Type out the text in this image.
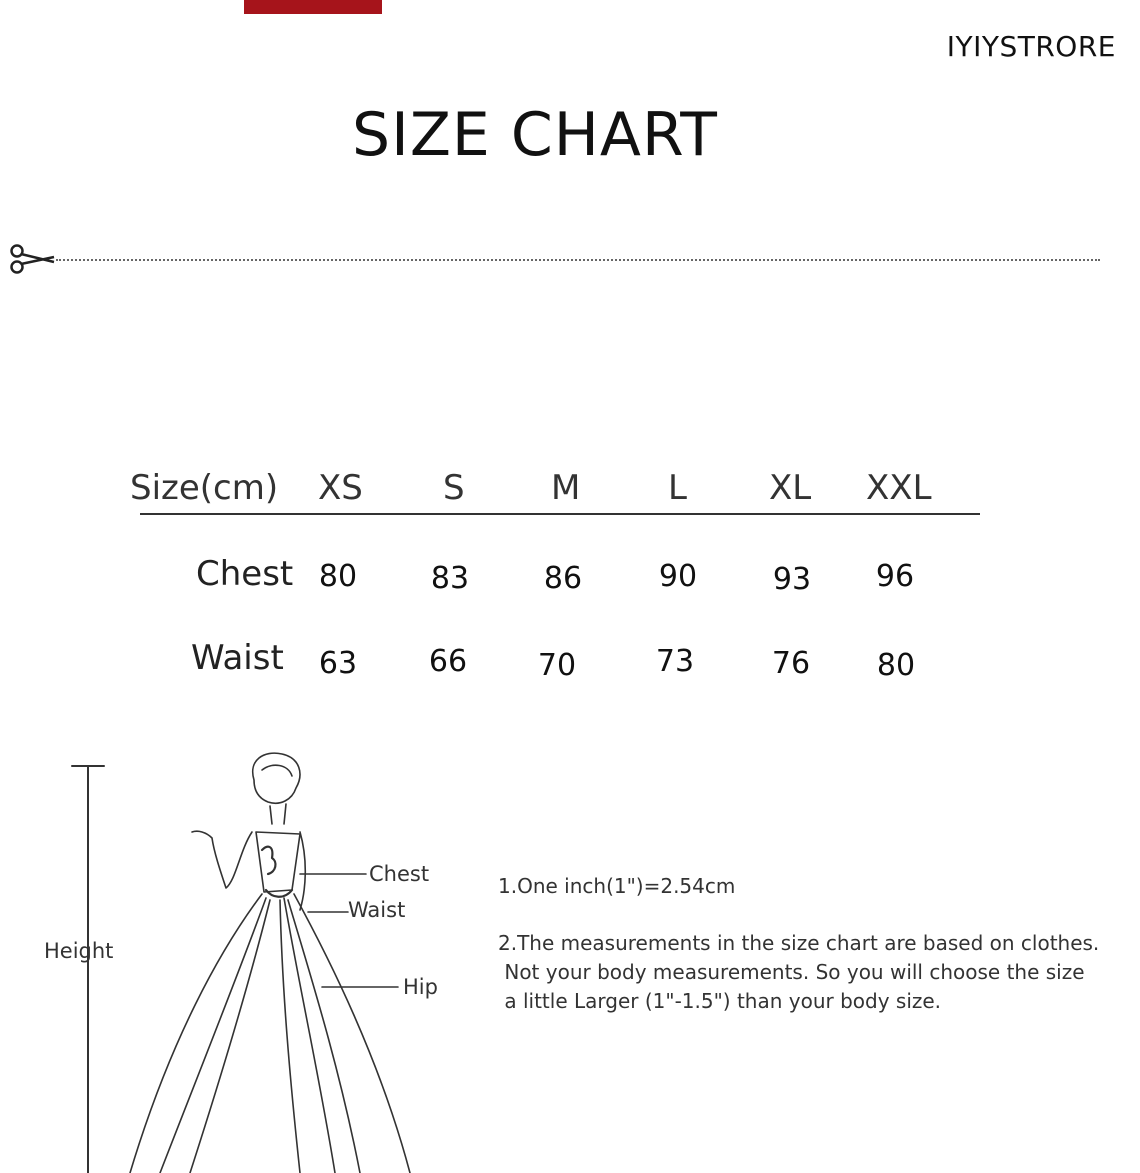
IYIYSTRORE
SIZE CHART
Size(cm) XS S	M	L XL XXL
Chest 80	83	86	90	93	96
Waist	63	66	70	73	76	80
Height
Chest
Waist
Hip
1.One inch(1")=2.54cm
2.The measurements in the size chart are based on clothes.
Not your body measurements. So you will choose the size
a little Larger (1"-1.5") than your body size.
